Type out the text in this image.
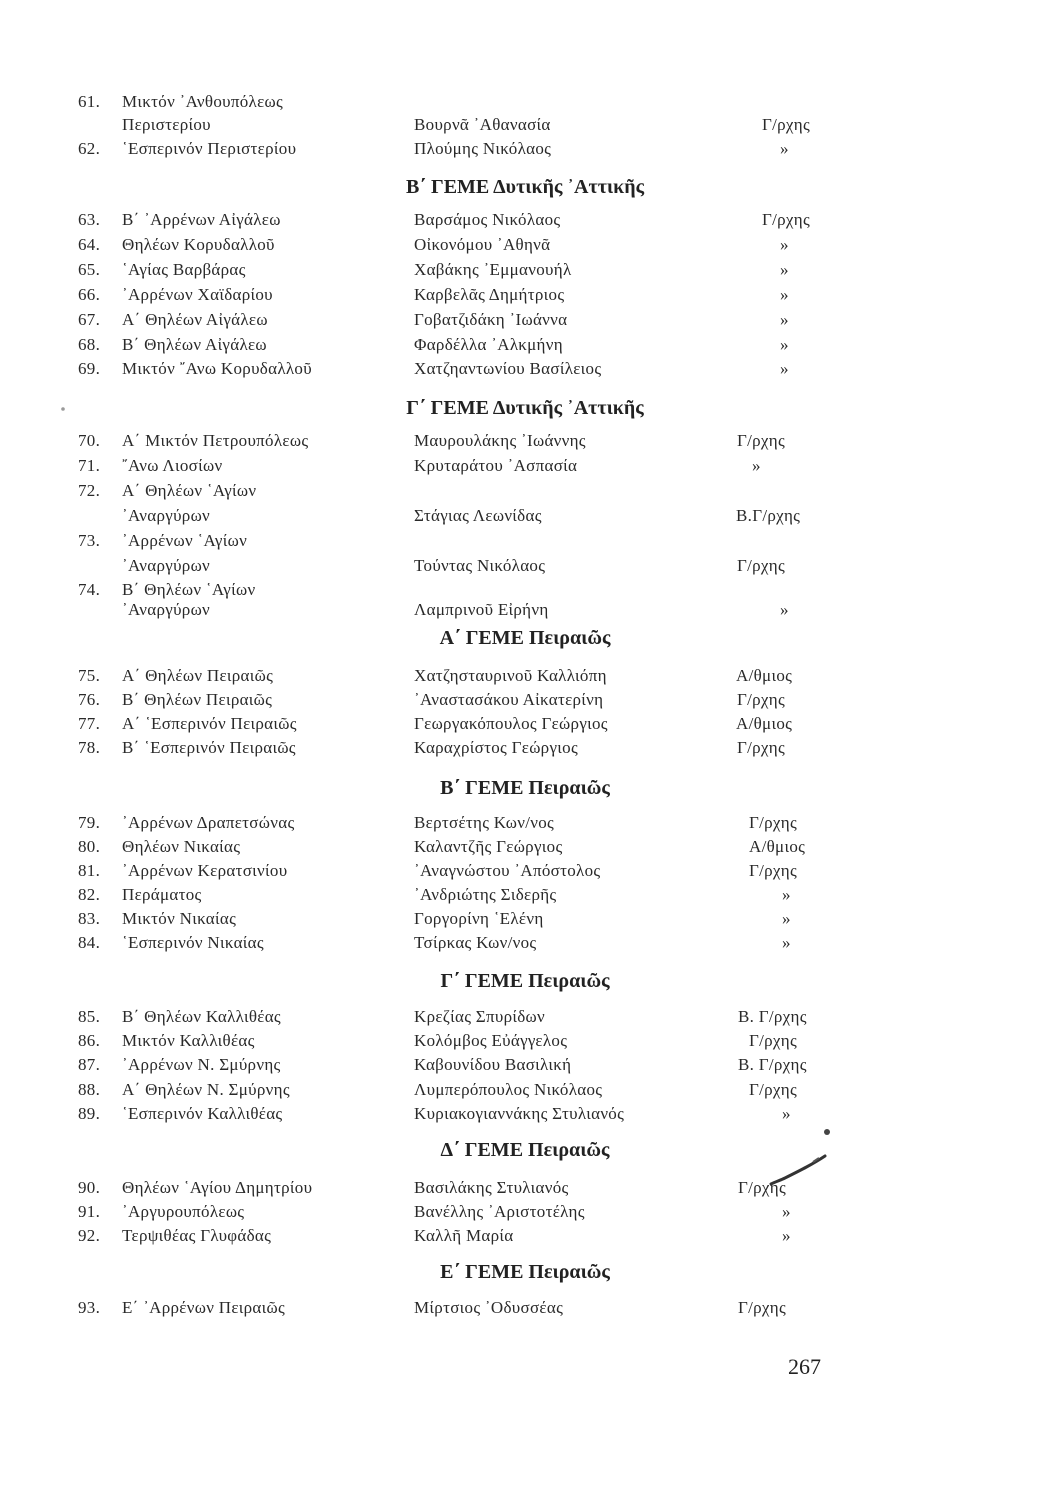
Β΄ ΓΕΜΕ Δυτικῆς ᾿Αττικῆς
Γ΄ ΓΕΜΕ Δυτικῆς ᾿Αττικῆς
Α΄ ΓΕΜΕ Πειραιῶς
Β΄ ΓΕΜΕ Πειραιῶς
Γ΄ ΓΕΜΕ Πειραιῶς
Δ΄ ΓΕΜΕ Πειραιῶς
Ε΄ ΓΕΜΕ Πειραιῶς
61. Μικτόν ᾿Ανθουπόλεως
Περιστερίου	Βουρνᾶ ᾿Αθανασία	Γ/ρχης
62. ῾Εσπερινόν Περιστερίου	Πλούμης Νικόλαος	»
63. Β΄ ᾿Αρρένων Αἰγάλεω	Βαρσάμος Νικόλαος	Γ/ρχης
64. Θηλέων Κορυδαλλοῦ	Οἰκονόμου ᾿Αθηνᾶ	»
65. ῾Αγίας Βαρβάρας	Χαβάκης ᾿Εμμανουήλ	»
66. ᾿Αρρένων Χαϊδαρίου	Καρβελᾶς Δημήτριος	»
67. Α΄ Θηλέων Αἰγάλεω	Γοβατζιδάκη ᾿Ιωάννα	»
68. Β΄ Θηλέων Αἰγάλεω	Φαρδέλλα ᾿Αλκμήνη	»
69. Μικτόν ῎Ανω Κορυδαλλοῦ	Χατζηαντωνίου Βασίλειος	»
70. Α΄ Μικτόν Πετρουπόλεως	Μαυρουλάκης ᾿Ιωάννης	Γ/ρχης
71. ῎Ανω Λιοσίων	Κρυταράτου ᾿Ασπασία	»
72. Α΄ Θηλέων ῾Αγίων
᾿Αναργύρων	Στάγιας Λεωνίδας	Β.Γ/ρχης
73. ᾿Αρρένων ῾Αγίων
᾿Αναργύρων	Τούντας Νικόλαος	Γ/ρχης
74. Β΄ Θηλέων ῾Αγίων
᾿Αναργύρων	Λαμπρινοῦ Εἰρήνη	»
75. Α΄ Θηλέων Πειραιῶς	Χατζησταυρινοῦ Καλλιόπη	Α/θμιος
76. Β΄ Θηλέων Πειραιῶς	᾿Αναστασάκου Αἰκατερίνη	Γ/ρχης
77. Α΄ ῾Εσπερινόν Πειραιῶς	Γεωργακόπουλος Γεώργιος	Α/θμιος
78. Β΄ ῾Εσπερινόν Πειραιῶς	Καραχρίστος Γεώργιος	Γ/ρχης
79. ᾿Αρρένων Δραπετσώνας	Βερτσέτης Κων/νος	Γ/ρχης
80. Θηλέων Νικαίας	Καλαντζῆς Γεώργιος	Α/θμιος
81. ᾿Αρρένων Κερατσινίου	᾿Αναγνώστου ᾿Απόστολος	Γ/ρχης
82. Περάματος	᾿Ανδριώτης Σιδερῆς	»
83. Μικτόν Νικαίας	Γοργορίνη ῾Ελένη	»
84. ῾Εσπερινόν Νικαίας	Τσίρκας Κων/νος	»
85. Β΄ Θηλέων Καλλιθέας	Κρεζίας Σπυρίδων	Β. Γ/ρχης
86. Μικτόν Καλλιθέας	Κολόμβος Εὐάγγελος	Γ/ρχης
87. ᾿Αρρένων Ν. Σμύρνης	Καβουνίδου Βασιλική	Β. Γ/ρχης
88. Α΄ Θηλέων Ν. Σμύρνης	Λυμπερόπουλος Νικόλαος	Γ/ρχης
89. ῾Εσπερινόν Καλλιθέας	Κυριακογιαννάκης Στυλιανός	»
90. Θηλέων ῾Αγίου Δημητρίου	Βασιλάκης Στυλιανός	Γ/ρχης
91. ᾿Αργυρουπόλεως	Βανέλλης ᾿Αριστοτέλης	»
92. Τερψιθέας Γλυφάδας	Καλλῆ Μαρία	»
93. Ε΄ ᾿Αρρένων Πειραιῶς	Μίρτσιος ᾿Οδυσσέας	Γ/ρχης
267
